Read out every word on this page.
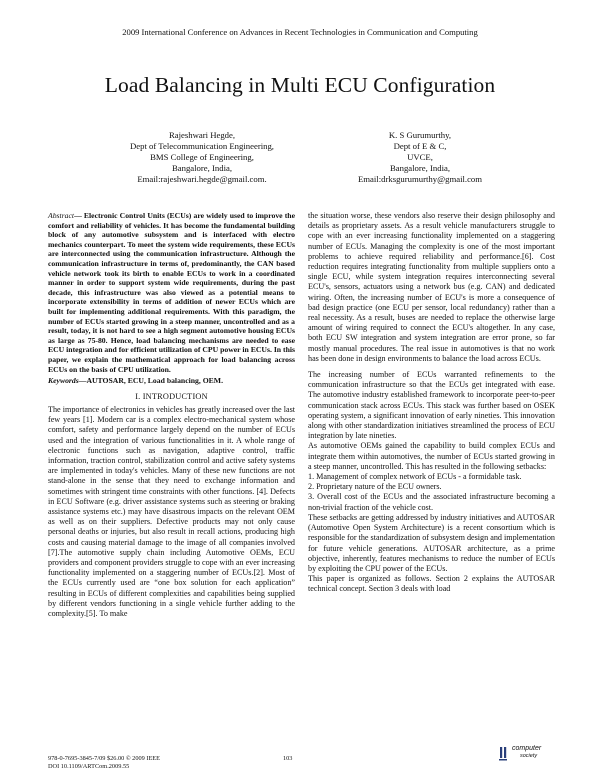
2009 International Conference on Advances in Recent Technologies in Communication and Computing
Load Balancing in Multi ECU Configuration
Rajeshwari Hegde,
Dept of Telecommunication Engineering,
BMS College of Engineering,
Bangalore, India,
Email:rajeshwari.hegde@gmail.com.
K. S Gurumurthy,
Dept of E & C,
UVCE,
Bangalore, India,
Email:drksgurumurthy@gmail.com

Abstract— Electronic Control Units (ECUs) are widely used to improve the comfort and reliability of vehicles. It has become the fundamental building block of any automotive subsystem and is interfaced with electro mechanics counterpart. To meet the system wide requirements, these ECUs are interconnected using the communication infrastructure. Although the communication infrastructure in terms of, predominantly, the CAN based vehicle network took its birth to enable ECUs to work in a coordinated manner in order to support system wide requirements, during the past decade, this infrastructure was also viewed as a potential means to incorporate extensibility in terms of addition of newer ECUs which are built for implementing additional requirements. With this paradigm, the number of ECUs started growing in a steep manner, uncontrolled and as a result, today, it is not hard to see a high segment automotive housing ECUs as large as 75-80. Hence, load balancing mechanisms are needed to ease ECU integration and for efficient utilization of CPU power in ECUs. In this paper, we explain the mathematical approach for load balancing across ECUs on the basis of CPU utilization.

Keywords—AUTOSAR, ECU, Load balancing, OEM.

I. INTRODUCTION

The importance of electronics in vehicles has greatly increased over the last few years [1]. Modern car is a complex electro-mechanical system whose comfort, safety and performance largely depend on the number of ECUs used and the integration of various functionalities in it. A whole range of electronic functions such as navigation, adaptive control, traffic information, traction control, stabilization control and active safety systems are implemented in today's vehicles. Many of these new functions are not stand-alone in the sense that they need to exchange information and sometimes with stringent time constraints with other functions. [4]. Defects in ECU Software (e.g. driver assistance systems such as steering or braking assistance systems etc.) may have disastrous impacts on the relevant OEM as well as on their suppliers. Defective products may not only cause personal deaths or injuries, but also result in recall actions, producing high costs and causing material damage to the image of all companies involved [7].The automotive supply chain including Automotive OEMs, ECU providers and component providers struggle to cope with an ever increasing functionality implemented on a staggering number of ECUs.[2]. Most of the ECUs currently used are “one box solution for each application” resulting in ECUs of different complexities and capabilities being supplied by different vendors functioning in a single vehicle further adding to the complexity.[5]. To make

the situation worse, these vendors also reserve their design philosophy and details as proprietary assets. As a result vehicle manufacturers struggle to cope with an ever increasing functionality implemented on a staggering number of ECUs. Managing the complexity is one of the most important problems to achieve required reliability and performance.[6]. Cost reduction requires integrating functionality from multiple suppliers onto a single ECU, while system integration requires interconnecting several ECU's, sensors, actuators using a network bus (e.g. CAN) and dedicated wiring. Often, the increasing number of ECU's is more a consequence of bad design practice (one ECU per sensor, local redundancy) rather than a real necessity. As a result, buses are needed to replace the otherwise large amount of wiring required to connect the ECU's altogether. In any case, both ECU SW integration and system integration are error prone, so far mostly manual procedures. The real issue in automotives is that no work has been done in design environments to balance the load across ECUs.

The increasing number of ECUs warranted refinements to the communication infrastructure so that the ECUs get integrated with ease. The automotive industry established framework to incorporate peer-to-peer communication stack across ECUs. This stack was further based on OSEK operating system, a significant innovation of early nineties. This innovation along with other standardization initiatives streamlined the process of ECU integration by late nineties.

As automotive OEMs gained the capability to build complex ECUs and integrate them within automotives, the number of ECUs started growing in a steep manner, uncontrolled. This has resulted in the following setbacks:

1. Management of complex network of ECUs - a formidable task.

2. Proprietary nature of the ECU owners.

3. Overall cost of the ECUs and the associated infrastructure becoming a non-trivial fraction of the vehicle cost.

These setbacks are getting addressed by industry initiatives and AUTOSAR (Automotive Open System Architecture) is a recent consortium which is responsible for the standardization of subsystem design and implementation for future vehicle generations. AUTOSAR architecture, as a prime objective, inherently, features mechanisms to reduce the number of ECUs by exploiting the CPU power of the ECUs.

This paper is organized as follows. Section 2 explains the AUTOSAR technical concept. Section 3 deals with load

978-0-7695-3845-7/09 $26.00 © 2009 IEEE
DOI 10.1109/ARTCom.2009.55
103
computer
society
